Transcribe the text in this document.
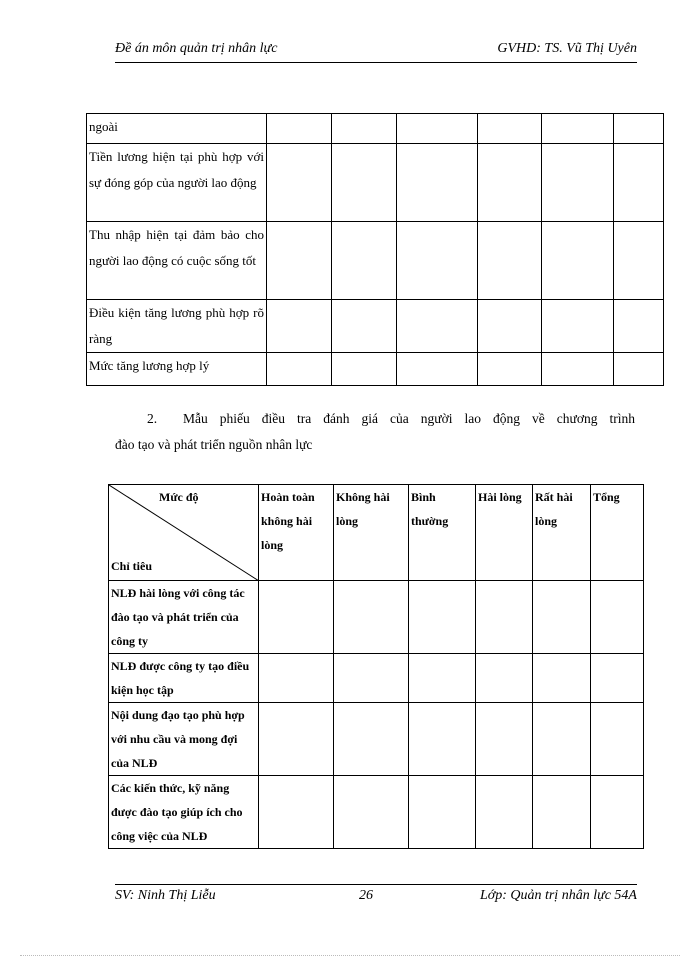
Đề án môn quản trị nhân lực	GVHD: TS. Vũ Thị Uyên
ngoài						
Tiền lương hiện tại phù hợp với sự đóng góp của người lao động						
Thu nhập hiện tại đảm bảo cho người lao động có cuộc sống tốt						
Điều kiện tăng lương phù hợp rõ ràng						
Mức tăng lương hợp lý						
2. Mẫu phiếu điều tra đánh giá của người lao động về chương trình
đào tạo và phát triển nguồn nhân lực
Mức độ
Chỉ tiêu	Hoàn toàn không hài lòng	Không hài lòng	Bình thường	Hài lòng	Rất hài lòng	Tổng
NLĐ hài lòng với công tác đào tạo và phát triển của công ty						
NLĐ được công ty tạo điều kiện học tập						
Nội dung đạo tạo phù hợp với nhu cầu và mong đợi của NLĐ						
Các kiến thức, kỹ năng được đào tạo giúp ích cho công việc của NLĐ						
SV: Ninh Thị Liễu	26	Lớp: Quản trị nhân lực 54A
